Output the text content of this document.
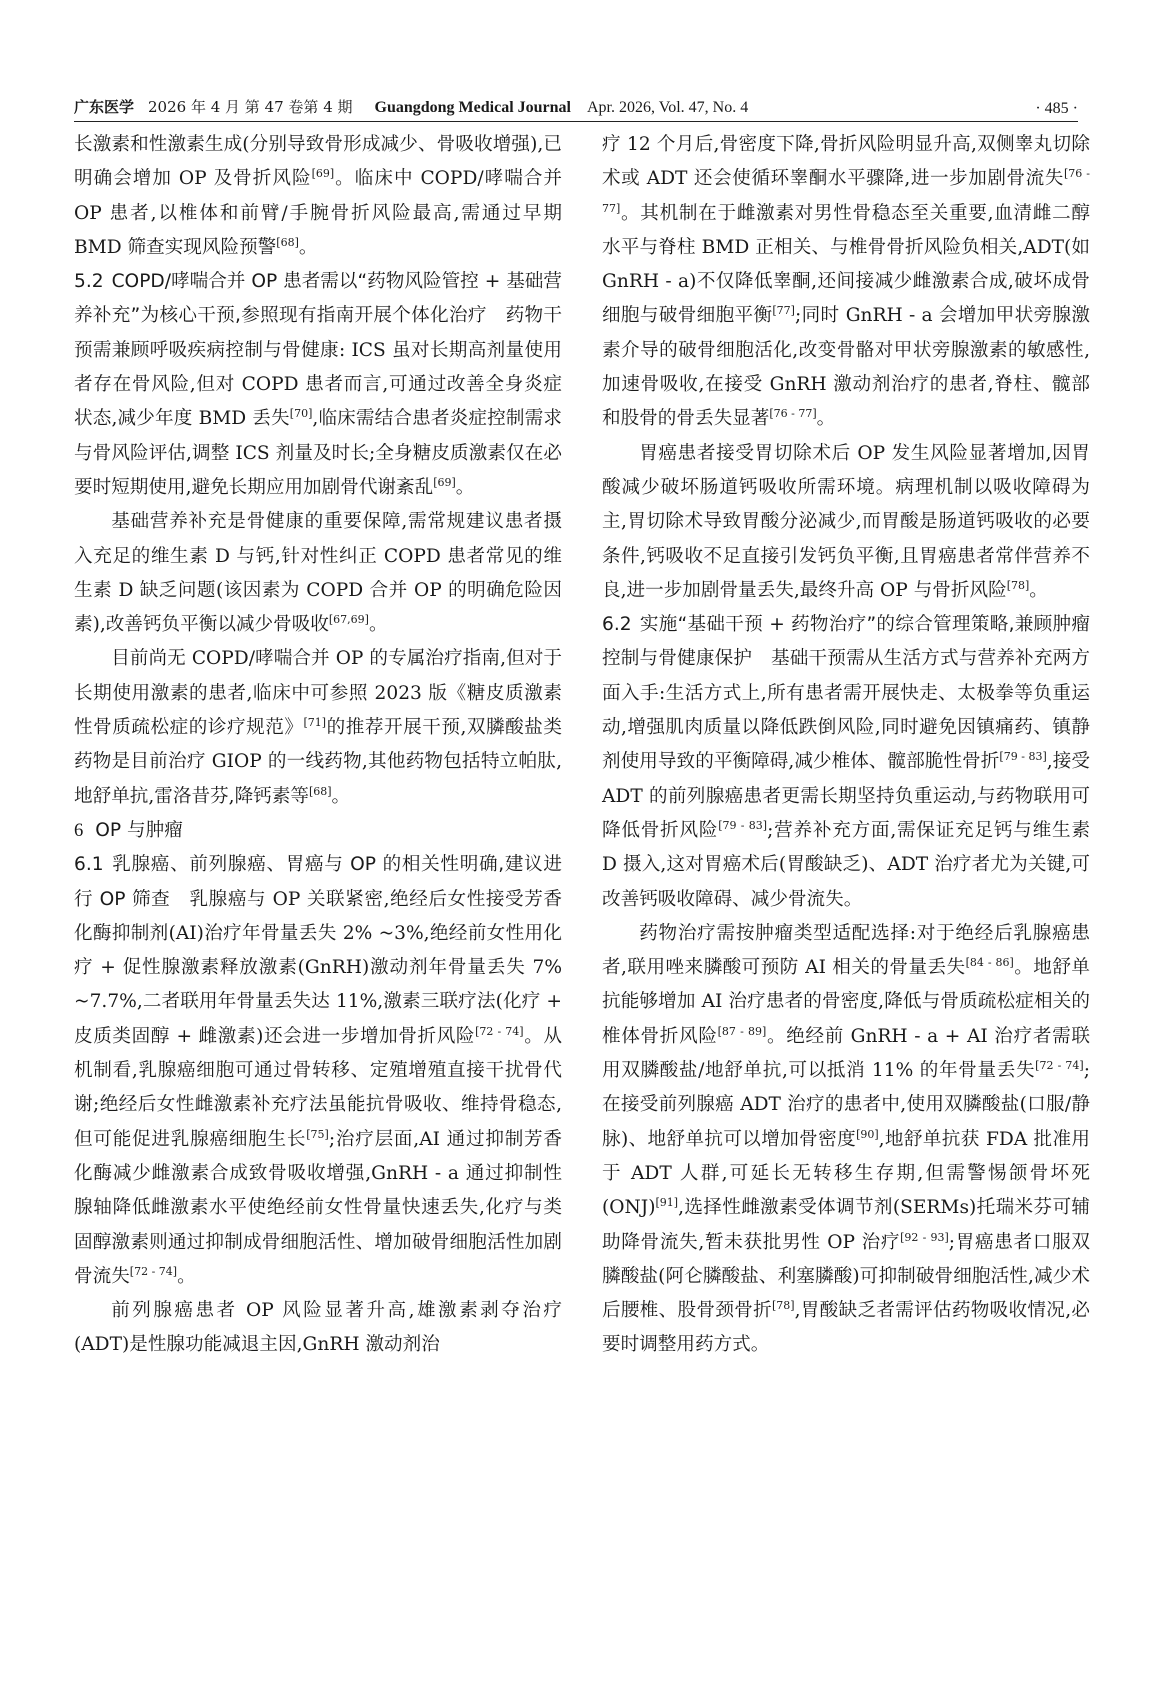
广东医学 2026 年 4 月 第 47 卷第 4 期 Guangdong Medical Journal Apr. 2026, Vol. 47, No. 4	· 485 ·

长激素和性激素生成(分别导致骨形成减少、骨吸收增强),已明确会增加 OP 及骨折风险[69]。临床中 COPD/哮喘合并 OP 患者,以椎体和前臂/手腕骨折风险最高,需通过早期 BMD 筛查实现风险预警[68]。

5.2 COPD/哮喘合并 OP 患者需以“药物风险管控 + 基础营养补充”为核心干预,参照现有指南开展个体化治疗  药物干预需兼顾呼吸疾病控制与骨健康: ICS 虽对长期高剂量使用者存在骨风险,但对 COPD 患者而言,可通过改善全身炎症状态,减少年度 BMD 丢失[70],临床需结合患者炎症控制需求与骨风险评估,调整 ICS 剂量及时长;全身糖皮质激素仅在必要时短期使用,避免长期应用加剧骨代谢紊乱[69]。

基础营养补充是骨健康的重要保障,需常规建议患者摄入充足的维生素 D 与钙,针对性纠正 COPD 患者常见的维生素 D 缺乏问题(该因素为 COPD 合并 OP 的明确危险因素),改善钙负平衡以减少骨吸收[67,69]。

目前尚无 COPD/哮喘合并 OP 的专属治疗指南,但对于长期使用激素的患者,临床中可参照 2023 版《糖皮质激素性骨质疏松症的诊疗规范》[71]的推荐开展干预,双膦酸盐类药物是目前治疗 GIOP 的一线药物,其他药物包括特立帕肽,地舒单抗,雷洛昔芬,降钙素等[68]。

6 OP 与肿瘤

6.1 乳腺癌、前列腺癌、胃癌与 OP 的相关性明确,建议进行 OP 筛查  乳腺癌与 OP 关联紧密,绝经后女性接受芳香化酶抑制剂(AI)治疗年骨量丢失 2% ~3%,绝经前女性用化疗 + 促性腺激素释放激素(GnRH)激动剂年骨量丢失 7% ~7.7%,二者联用年骨量丢失达 11%,激素三联疗法(化疗 + 皮质类固醇 + 雌激素)还会进一步增加骨折风险[72 - 74]。从机制看,乳腺癌细胞可通过骨转移、定殖增殖直接干扰骨代谢;绝经后女性雌激素补充疗法虽能抗骨吸收、维持骨稳态,但可能促进乳腺癌细胞生长[75];治疗层面,AI 通过抑制芳香化酶减少雌激素合成致骨吸收增强,GnRH - a 通过抑制性腺轴降低雌激素水平使绝经前女性骨量快速丢失,化疗与类固醇激素则通过抑制成骨细胞活性、增加破骨细胞活性加剧骨流失[72 - 74]。

前列腺癌患者 OP 风险显著升高,雄激素剥夺治疗(ADT)是性腺功能减退主因,GnRH 激动剂治

疗 12 个月后,骨密度下降,骨折风险明显升高,双侧睾丸切除术或 ADT 还会使循环睾酮水平骤降,进一步加剧骨流失[76 - 77]。其机制在于雌激素对男性骨稳态至关重要,血清雌二醇水平与脊柱 BMD 正相关、与椎骨骨折风险负相关,ADT(如 GnRH - a)不仅降低睾酮,还间接减少雌激素合成,破坏成骨细胞与破骨细胞平衡[77];同时 GnRH - a 会增加甲状旁腺激素介导的破骨细胞活化,改变骨骼对甲状旁腺激素的敏感性,加速骨吸收,在接受 GnRH 激动剂治疗的患者,脊柱、髋部和股骨的骨丢失显著[76 - 77]。

胃癌患者接受胃切除术后 OP 发生风险显著增加,因胃酸减少破坏肠道钙吸收所需环境。病理机制以吸收障碍为主,胃切除术导致胃酸分泌减少,而胃酸是肠道钙吸收的必要条件,钙吸收不足直接引发钙负平衡,且胃癌患者常伴营养不良,进一步加剧骨量丢失,最终升高 OP 与骨折风险[78]。

6.2 实施“基础干预 + 药物治疗”的综合管理策略,兼顾肿瘤控制与骨健康保护  基础干预需从生活方式与营养补充两方面入手:生活方式上,所有患者需开展快走、太极拳等负重运动,增强肌肉质量以降低跌倒风险,同时避免因镇痛药、镇静剂使用导致的平衡障碍,减少椎体、髋部脆性骨折[79 - 83],接受 ADT 的前列腺癌患者更需长期坚持负重运动,与药物联用可降低骨折风险[79 - 83];营养补充方面,需保证充足钙与维生素 D 摄入,这对胃癌术后(胃酸缺乏)、ADT 治疗者尤为关键,可改善钙吸收障碍、减少骨流失。

药物治疗需按肿瘤类型适配选择:对于绝经后乳腺癌患者,联用唑来膦酸可预防 AI 相关的骨量丢失[84 - 86]。地舒单抗能够增加 AI 治疗患者的骨密度,降低与骨质疏松症相关的椎体骨折风险[87 - 89]。绝经前 GnRH - a + AI 治疗者需联用双膦酸盐/地舒单抗,可以抵消 11% 的年骨量丢失[72 - 74];在接受前列腺癌 ADT 治疗的患者中,使用双膦酸盐(口服/静脉)、地舒单抗可以增加骨密度[90],地舒单抗获 FDA 批准用于 ADT 人群,可延长无转移生存期,但需警惕颌骨坏死(ONJ)[91],选择性雌激素受体调节剂(SERMs)托瑞米芬可辅助降骨流失,暂未获批男性 OP 治疗[92 - 93];胃癌患者口服双膦酸盐(阿仑膦酸盐、利塞膦酸)可抑制破骨细胞活性,减少术后腰椎、股骨颈骨折[78],胃酸缺乏者需评估药物吸收情况,必要时调整用药方式。
